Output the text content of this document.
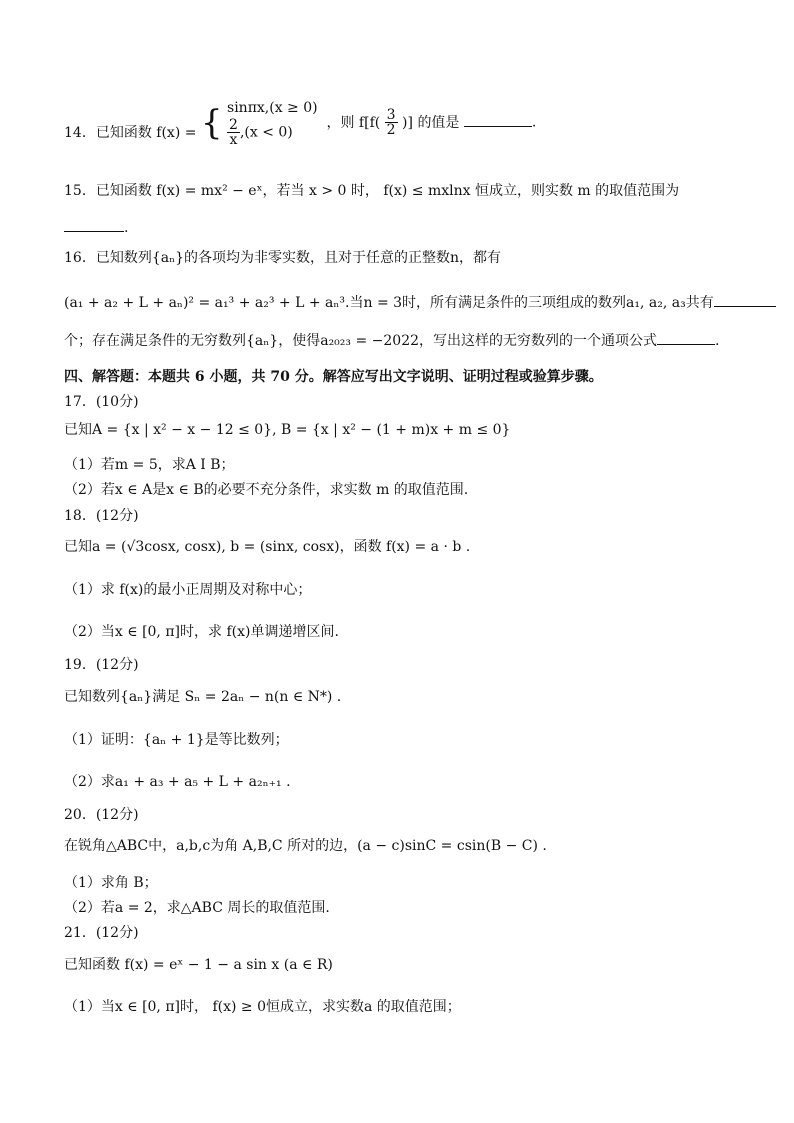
14．已知函数 f(x) = { sinπx,(x ≥ 0)
$\frac{2}{x} ,(x < 0)$
，则 $f[f( \frac{3}{2}$ )] 的值是	.
15．已知函数 f(x) = mx² − eˣ，若当 x > 0 时， f(x) ≤ mxlnx 恒成立，则实数 m 的取值范围为
.
16．已知数列{aₙ}的各项均为非零实数，且对于任意的正整数n，都有
(a₁ + a₂ + L + aₙ)² = a₁³ + a₂³ + L + aₙ³.当n = 3时，所有满足条件的三项组成的数列a₁, a₂, a₃共有
个；存在满足条件的无穷数列{aₙ}，使得a₂₀₂₃ = −2022，写出这样的无穷数列的一个通项公式	.
四、解答题：本题共 6 小题，共 70 分。解答应写出文字说明、证明过程或验算步骤。
17．(10分)
已知A = {x | x² − x − 12 ≤ 0}, B = {x | x² − (1 + m)x + m ≤ 0}
（1）若m = 5，求A I B；
（2）若x ∈ A是x ∈ B的必要不充分条件，求实数 m 的取值范围.
18．(12分)
已知a = (√3cosx, cosx), b = (sinx, cosx)，函数 f(x) = a · b .
（1）求 f(x)的最小正周期及对称中心；
（2）当x ∈ [0, π]时，求 f(x)单调递增区间.
19．(12分)
已知数列{aₙ}满足 Sₙ = 2aₙ − n(n ∈ N*) .
（1）证明：{aₙ + 1}是等比数列；
（2）求a₁ + a₃ + a₅ + L + a₂ₙ₊₁ .
20．(12分)
在锐角△ABC中，a,b,c为角 A,B,C 所对的边，(a − c)sinC = csin(B − C) .
（1）求角 B；
（2）若a = 2，求△ABC 周长的取值范围.
21．(12分)
已知函数 f(x) = eˣ − 1 − a sin x (a ∈ R)
（1）当x ∈ [0, π]时， f(x) ≥ 0恒成立，求实数a 的取值范围；
